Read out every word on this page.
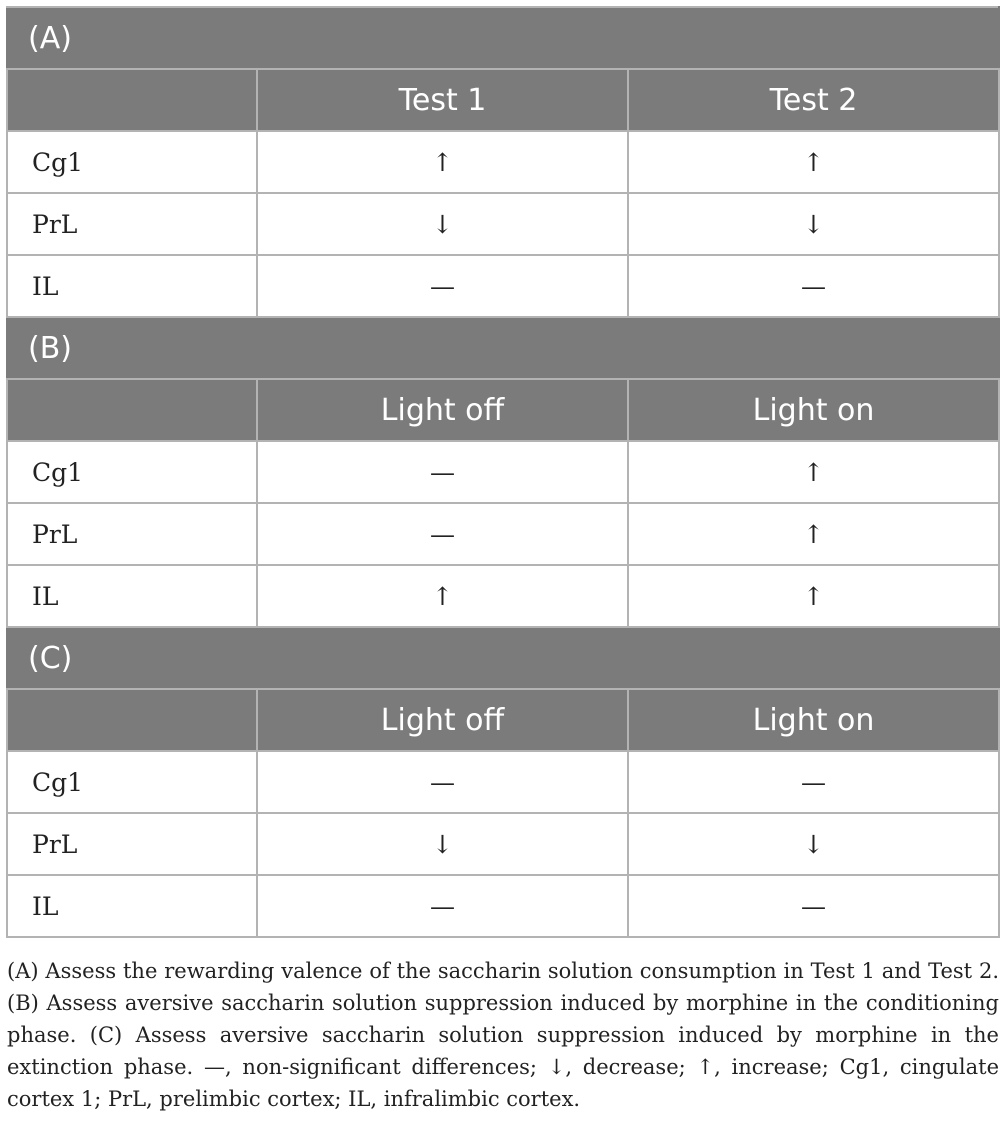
(A)		
	Test 1	Test 2
Cg1	↑	↑
PrL	↓	↓
IL	—	—
(B)		
	Light off	Light on
Cg1	—	↑
PrL	—	↑
IL	↑	↑
(C)		
	Light off	Light on
Cg1	—	—
PrL	↓	↓
IL	—	—
(A) Assess the rewarding valence of the saccharin solution consumption in Test 1 and Test 2. (B) Assess aversive saccharin solution suppression induced by morphine in the conditioning phase. (C) Assess aversive saccharin solution suppression induced by morphine in the extinction phase. —, non-significant differences; ↓, decrease; ↑, increase; Cg1, cingulate cortex 1; PrL, prelimbic cortex; IL, infralimbic cortex.
